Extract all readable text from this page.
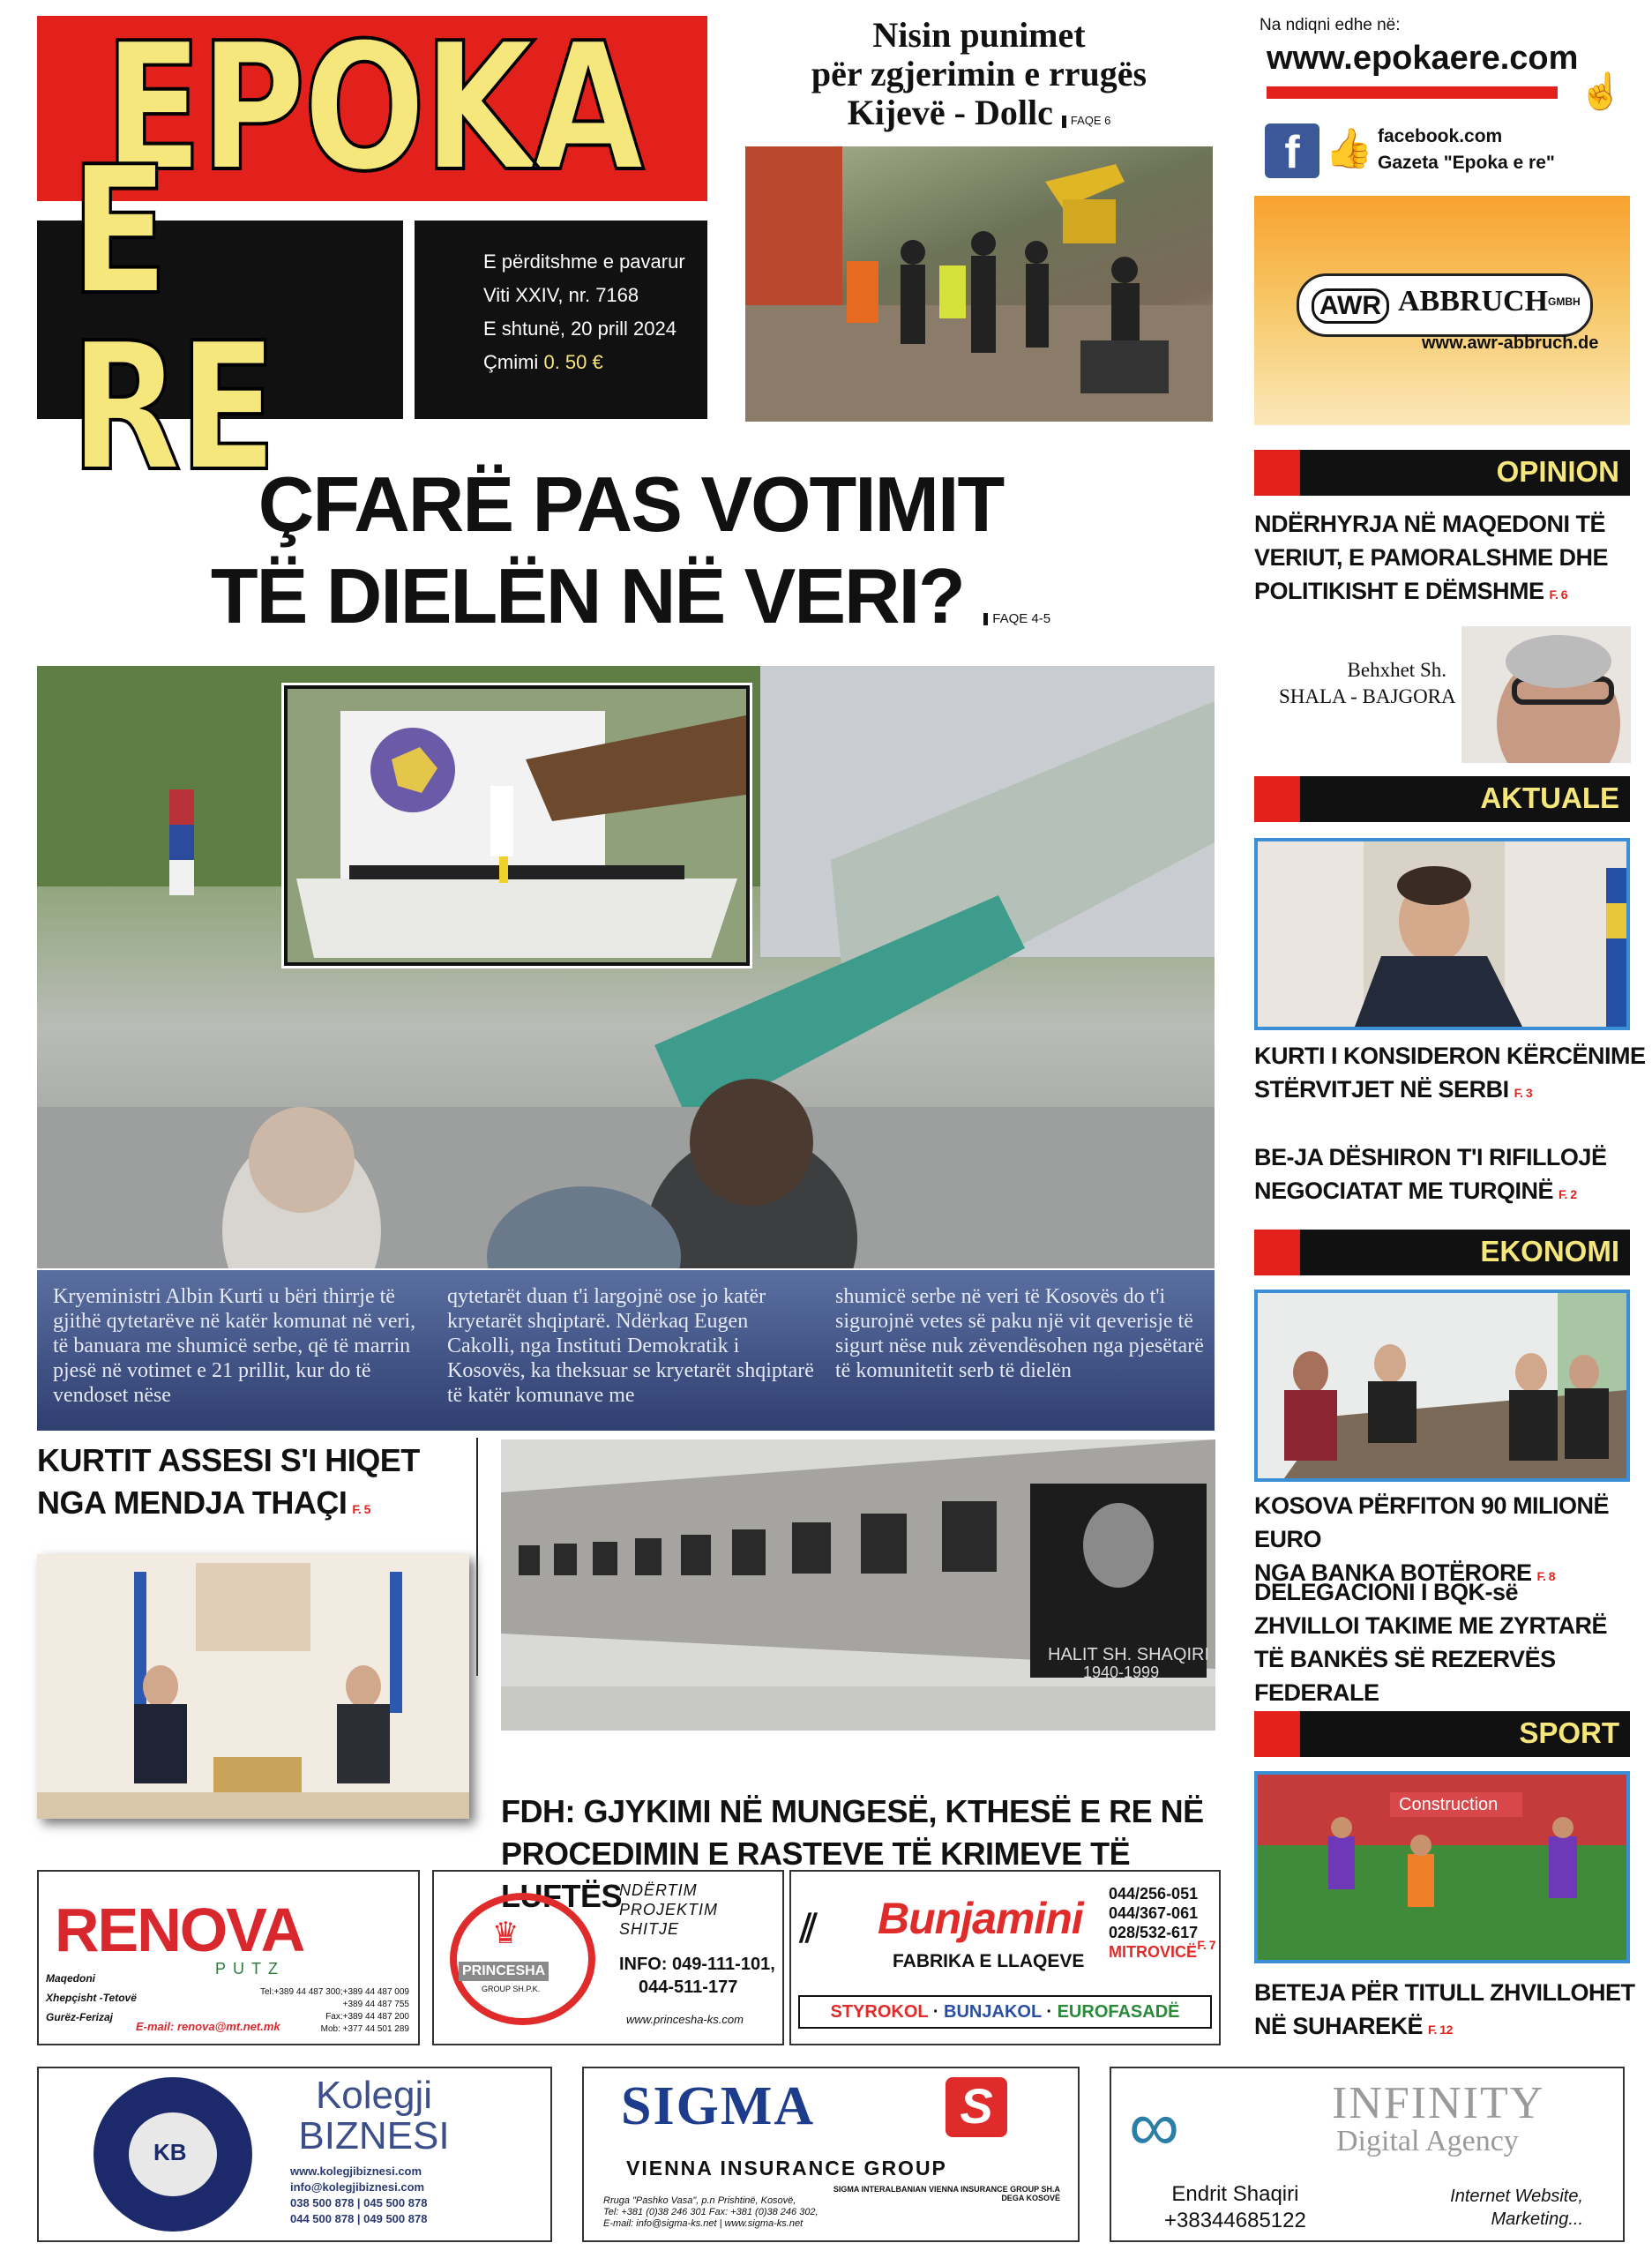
EPOKA
E RE
E përditshme e pavarur
Viti XXIV, nr. 7168
E shtunë, 20 prill 2024
Çmimi 0. 50 €
Nisin punimet
për zgjerimin e rrugës
Kijevë - Dollc FAQE 6
Na ndiqni edhe në:
www.epokaere.com
☝
f 👍 facebook.com
Gazeta "Epoka e re"
AWR ABBRUCH GMBH
www.awr-abbruch.de
ÇFARË PAS VOTIMIT
TË DIELËN NË VERI? FAQE 4-5
Kryeministri Albin Kurti u bëri thirrje të gjithë qytetarëve në katër komunat në veri, të banuara me shumicë serbe, që të marrin pjesë në votimet e 21 prillit, kur do të vendoset nëse
qytetarët duan t'i largojnë ose jo katër kryetarët shqiptarë. Ndërkaq Eugen Cakolli, nga Instituti Demokratik i Kosovës, ka theksuar se kryetarët shqiptarë të katër komunave me
shumicë serbe në veri të Kosovës do t'i sigurojnë vetes së paku një vit qeverisje të sigurt nëse nuk zëvendësohen nga pjesëtarë të komunitetit serb të dielën
OPINION
NDËRHYRJA NË MAQEDONI TË
VERIUT, E PAMORALSHME DHE
POLITIKISHT E DËMSHME F. 6
Behxhet Sh.
SHALA - BAJGORA
AKTUALE
KURTI I KONSIDERON KËRCËNIME
STËRVITJET NË SERBI F. 3
BE-JA DËSHIRON T'I RIFILLOJË
NEGOCIATAT ME TURQINË F. 2
EKONOMI
KOSOVA PËRFITON 90 MILIONË EURO
NGA BANKA BOTËRORE F. 8
DELEGACIONI I BQK-së
ZHVILLOI TAKIME ME ZYRTARË
TË BANKËS SË REZERVËS FEDERALE
SPORT
Construction
BETEJA PËR TITULL ZHVILLOHET
NË SUHAREKË F. 12
KURTIT ASSESI S'I HIQET
NGA MENDJA THAÇI F. 5
HALIT SH. SHAQIRI
1940-1999
FDH: GJYKIMI NË MUNGESË, KTHESË E RE NË
PROCEDIMIN E RASTEVE TË KRIMEVE TË LUFTËS
F. 7
RENOVA
PUTZ
Maqedoni
Xhepçisht -Tetovë
Gurëz-Ferizaj
Tel:+389 44 487 300;+389 44 487 009
+389 44 487 755
Fax:+389 44 487 200
Mob: +377 44 501 289
E-mail: renova@mt.net.mk
♛
PRINCESHA
GROUP SH.P.K.
NDËRTIM
PROJEKTIM
SHITJE
INFO: 049-111-101,
044-511-177
www.princesha-ks.com
⫽ Bunjamini
FABRIKA E LLAQEVE
044/256-051
044/367-061
028/532-617
MITROVICË
STYROKOL · BUNJAKOL · EUROFASADË
KB
Kolegji
BIZNESI
www.kolegjibiznesi.com
info@kolegjibiznesi.com
038 500 878 | 045 500 878
044 500 878 | 049 500 878
SIGMA	S
VIENNA INSURANCE GROUP
SIGMA INTERALBANIAN VIENNA INSURANCE GROUP SH.A
DEGA KOSOVË
Rruga "Pashko Vasa", p.n Prishtinë, Kosovë,
Tel: +381 (0)38 246 301 Fax: +381 (0)38 246 302,
E-mail: info@sigma-ks.net | www.sigma-ks.net
∞	INFINITY
Digital Agency
Endrit Shaqiri
+38344685122
Internet Website,
Marketing...
